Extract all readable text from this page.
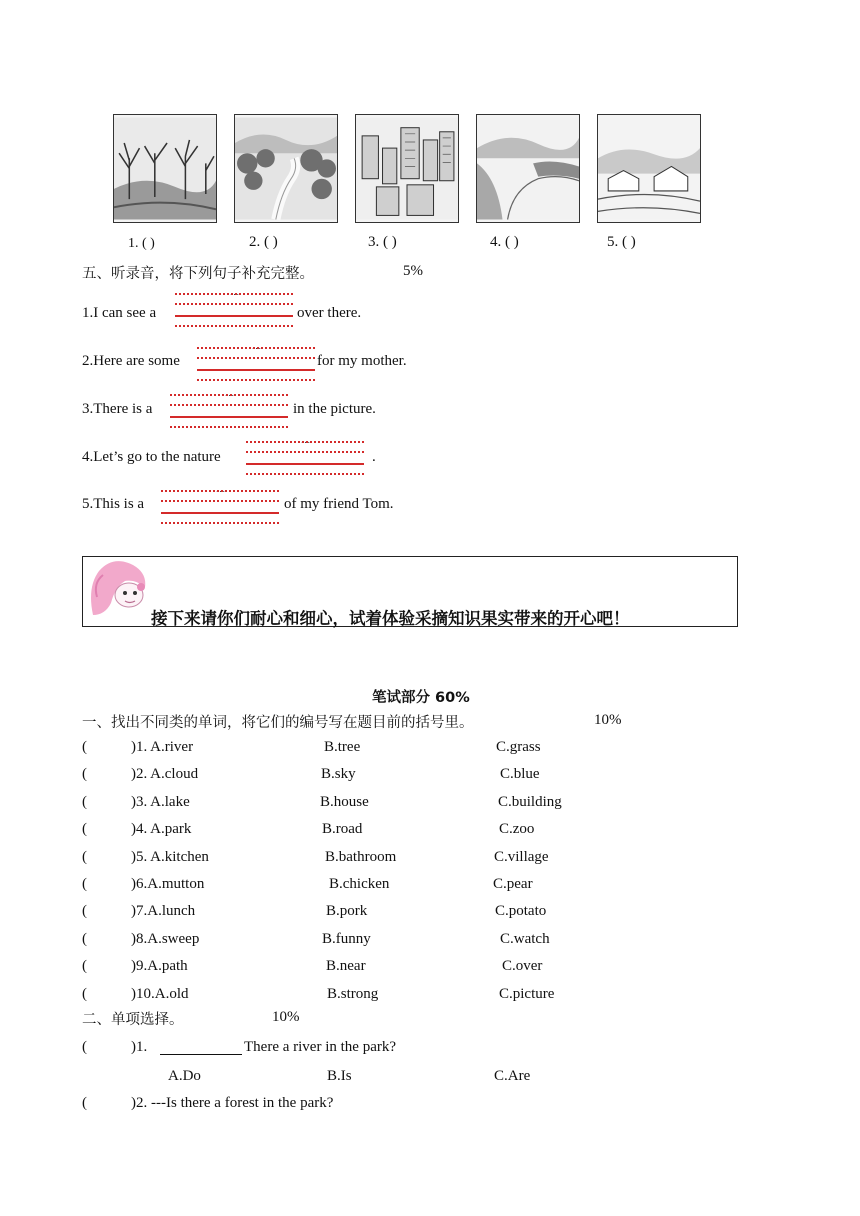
1. ( )	2. ( )	3. ( )	4. ( )	5. ( )
五、听录音，将下列句子补充完整。	5%
1.I can see a
....
over there.
2.Here are some
....
for my mother.
3.There is a
....
in the picture.
4.Let’s go to the nature
....
.
5.This is a
....
of my friend Tom.
接下来请你们耐心和细心，试着体验采摘知识果实带来的开心吧！
笔试部分 60%
一、找出不同类的单词，将它们的编号写在题目前的括号里。	10%
(	)1. A.river	B.tree	C.grass
(	)2. A.cloud	B.sky	C.blue
(	)3. A.lake	B.house	C.building
(	)4. A.park	B.road	C.zoo
(	)5. A.kitchen	B.bathroom	C.village
(	)6.A.mutton	B.chicken	C.pear
(	)7.A.lunch	B.pork	C.potato
(	)8.A.sweep	B.funny	C.watch
(	)9.A.path	B.near	C.over
(	)10.A.old	B.strong	C.picture
二、单项选择。	10%
(	)1.	There a river in the park?
A.Do	B.Is	C.Are
(	)2. ---Is there a forest in the park?
